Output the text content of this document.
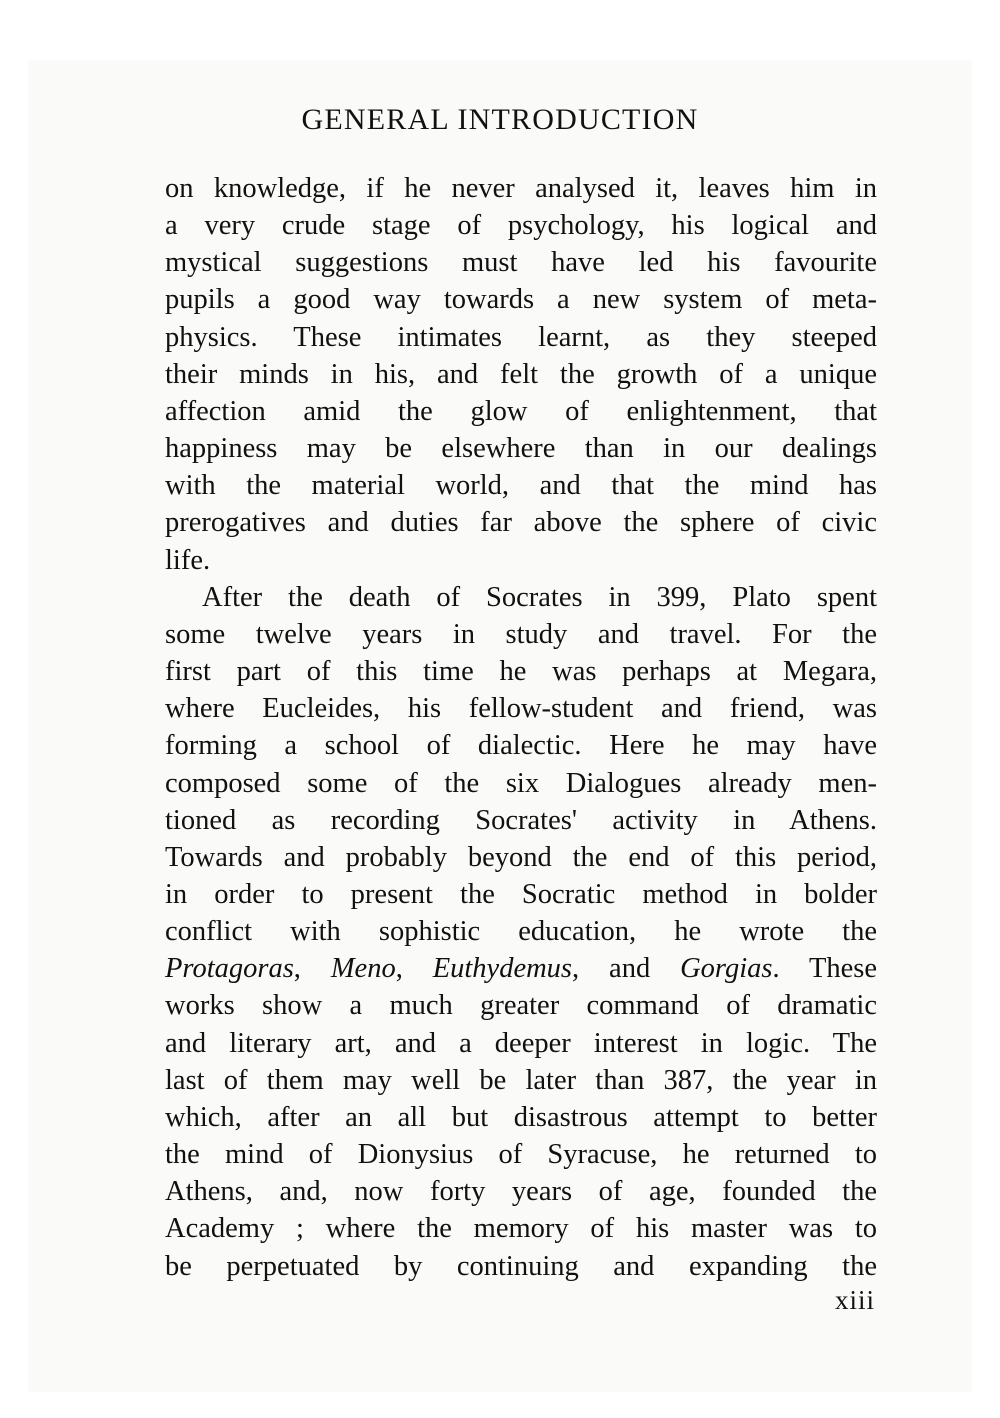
GENERAL INTRODUCTION

on knowledge, if he never analysed it, leaves him in
a very crude stage of psychology, his logical and
mystical suggestions must have led his favourite
pupils a good way towards a new system of meta-
physics. These intimates learnt, as they steeped
their minds in his, and felt the growth of a unique
affection amid the glow of enlightenment, that
happiness may be elsewhere than in our dealings
with the material world, and that the mind has
prerogatives and duties far above the sphere of civic
life.

After the death of Socrates in 399, Plato spent
some twelve years in study and travel. For the
first part of this time he was perhaps at Megara,
where Eucleides, his fellow-student and friend, was
forming a school of dialectic. Here he may have
composed some of the six Dialogues already men-
tioned as recording Socrates' activity in Athens.
Towards and probably beyond the end of this period,
in order to present the Socratic method in bolder
conflict with sophistic education, he wrote the
Protagoras, Meno, Euthydemus, and Gorgias. These
works show a much greater command of dramatic
and literary art, and a deeper interest in logic. The
last of them may well be later than 387, the year in
which, after an all but disastrous attempt to better
the mind of Dionysius of Syracuse, he returned to
Athens, and, now forty years of age, founded the
Academy ; where the memory of his master was to
be perpetuated by continuing and expanding the

xiii
